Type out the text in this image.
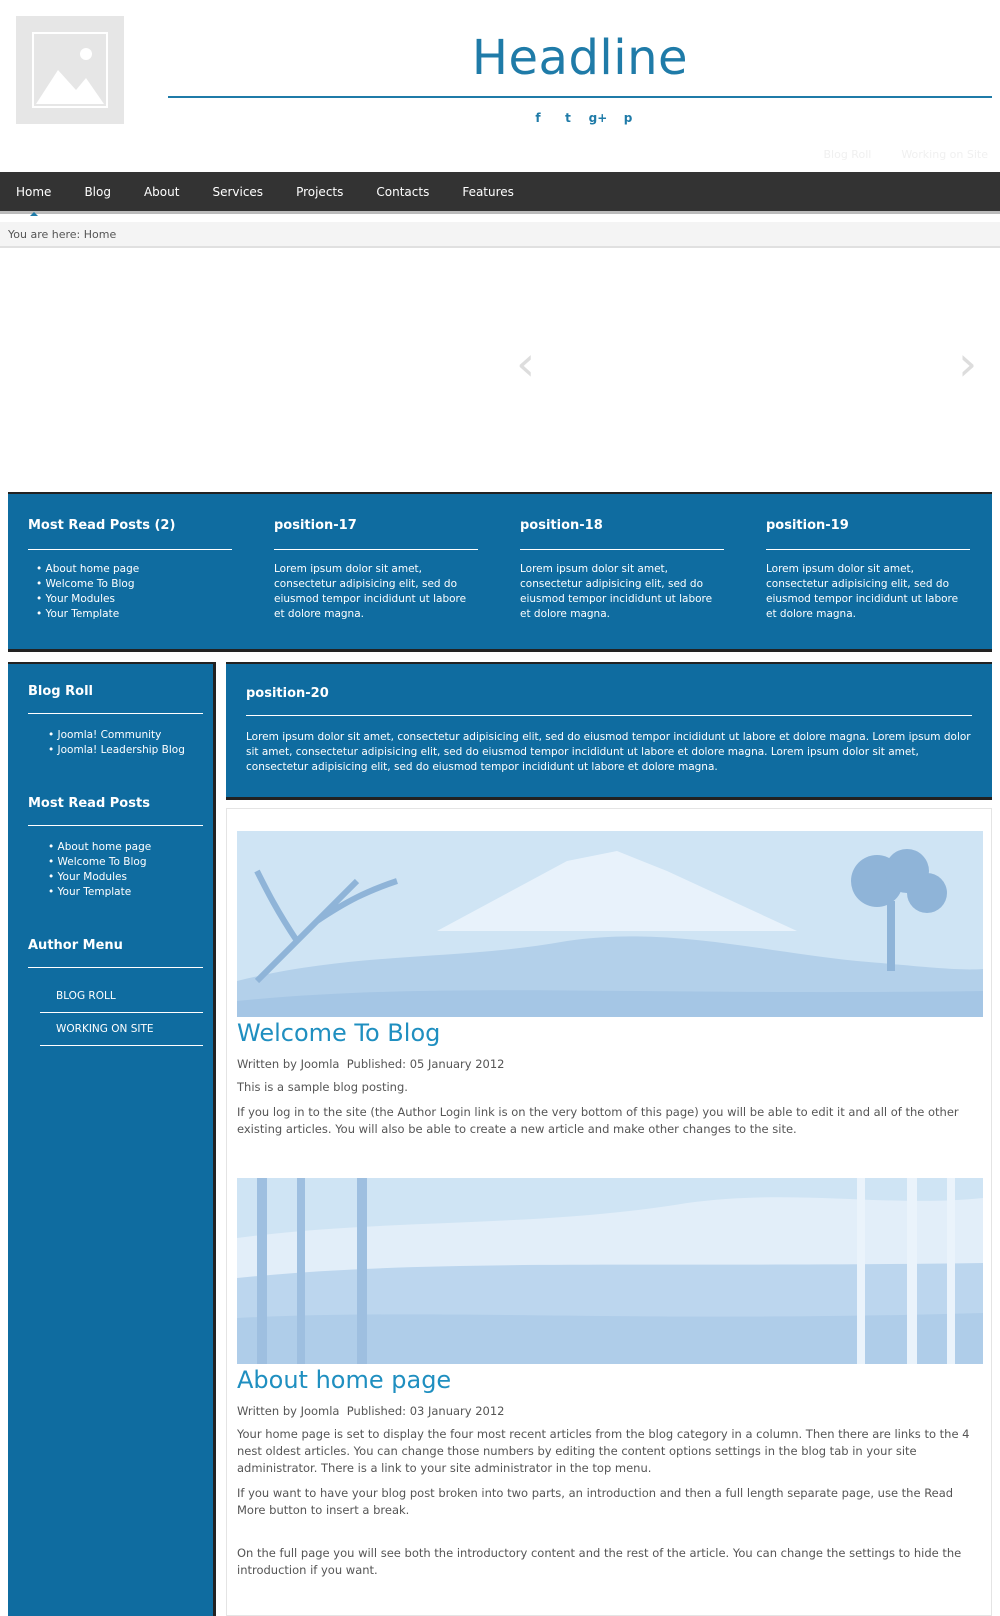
Headline
f	t	g+	p
Blog Roll	Working on Site
Home	Blog	About	Services	Projects	Contacts	Features
You are here: Home
‹	›
Most Read Posts (2)
• About home page
• Welcome To Blog
• Your Modules
• Your Template
position-17

Lorem ipsum dolor sit amet, consectetur adipisicing elit, sed do eiusmod tempor incididunt ut labore et dolore magna.

position-18

Lorem ipsum dolor sit amet, consectetur adipisicing elit, sed do eiusmod tempor incididunt ut labore et dolore magna.

position-19

Lorem ipsum dolor sit amet, consectetur adipisicing elit, sed do eiusmod tempor incididunt ut labore et dolore magna.

Blog Roll
• Joomla! Community
• Joomla! Leadership Blog
Most Read Posts
• About home page
• Welcome To Blog
• Your Modules
• Your Template
Author Menu
BLOG ROLL
WORKING ON SITE
position-20

Lorem ipsum dolor sit amet, consectetur adipisicing elit, sed do eiusmod tempor incididunt ut labore et dolore magna. Lorem ipsum dolor sit amet, consectetur adipisicing elit, sed do eiusmod tempor incididunt ut labore et dolore magna. Lorem ipsum dolor sit amet, consectetur adipisicing elit, sed do eiusmod tempor incididunt ut labore et dolore magna.

Welcome To Blog
Written by Joomla Published: 05 January 2012

This is a sample blog posting.

If you log in to the site (the Author Login link is on the very bottom of this page) you will be able to edit it and all of the other existing articles. You will also be able to create a new article and make other changes to the site.

About home page
Written by Joomla Published: 03 January 2012

Your home page is set to display the four most recent articles from the blog category in a column. Then there are links to the 4 nest oldest articles. You can change those numbers by editing the content options settings in the blog tab in your site administrator. There is a link to your site administrator in the top menu.

If you want to have your blog post broken into two parts, an introduction and then a full length separate page, use the Read More button to insert a break.

On the full page you will see both the introductory content and the rest of the article. You can change the settings to hide the introduction if you want.
